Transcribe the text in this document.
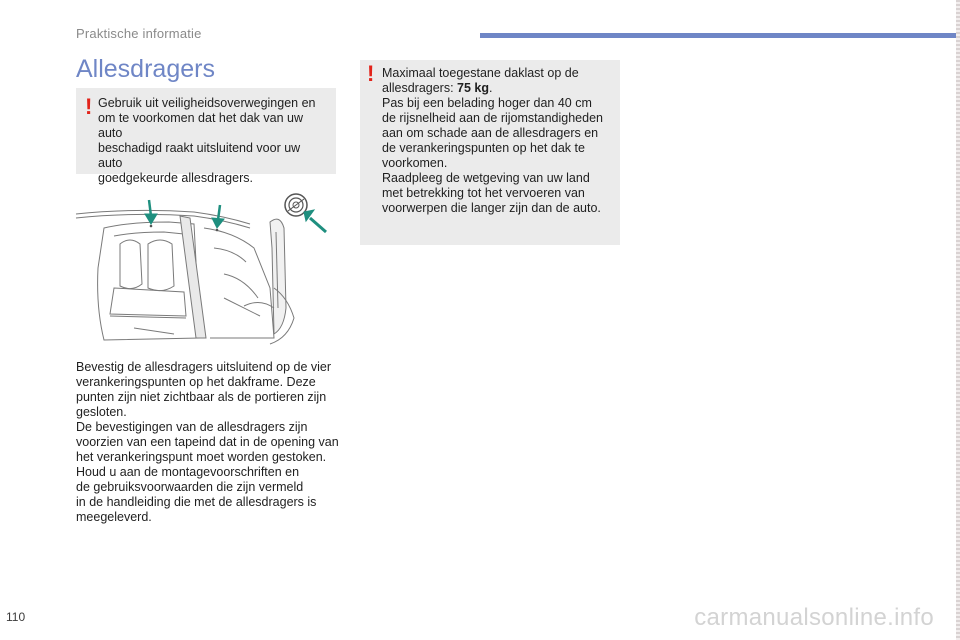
Praktische informatie
Allesdragers
! Gebruik uit veiligheidsoverwegingen en

om te voorkomen dat het dak van uw auto

beschadigd raakt uitsluitend voor uw auto

goedgekeurde allesdragers.

Bevestig de allesdragers uitsluitend op de vier

verankeringspunten op het dakframe. Deze

punten zijn niet zichtbaar als de portieren zijn

gesloten.

De bevestigingen van de allesdragers zijn

voorzien van een tapeind dat in de opening van

het verankeringspunt moet worden gestoken.

Houd u aan de montagevoorschriften en

de gebruiksvoorwaarden die zijn vermeld

in de handleiding die met de allesdragers is

meegeleverd.

! Maximaal toegestane daklast op de

allesdragers: 75 kg.

Pas bij een belading hoger dan 40 cm

de rijsnelheid aan de rijomstandigheden

aan om schade aan de allesdragers en

de verankeringspunten op het dak te

voorkomen.

Raadpleeg de wetgeving van uw land

met betrekking tot het vervoeren van

voorwerpen die langer zijn dan de auto.

110	carmanualsonline.info
